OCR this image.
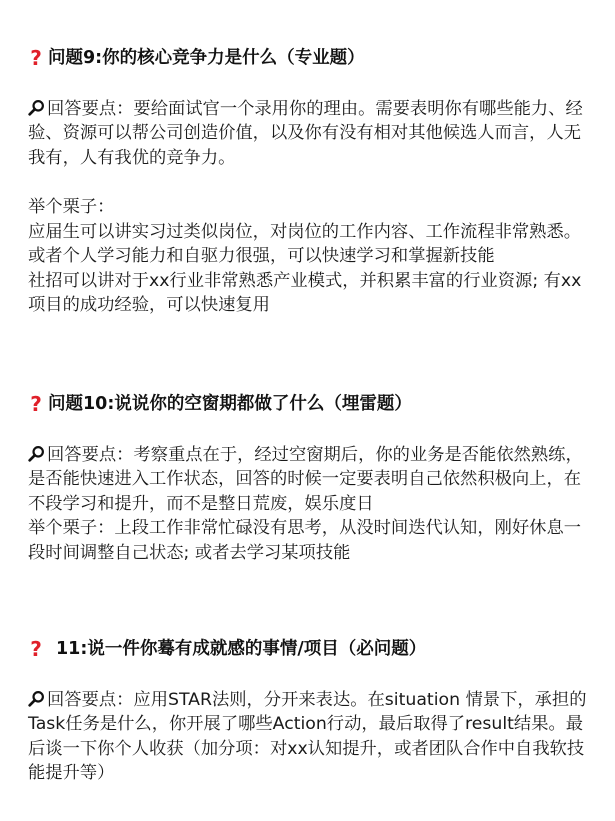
? 问题9:你的核心竞争力是什么（专业题）

回答要点：要给面试官一个录用你的理由。需要表明你有哪些能力、经验、资源可以帮公司创造价值，以及你有没有相对其他候选人而言，人无我有，人有我优的竞争力。

举个栗子：

应届生可以讲实习过类似岗位，对岗位的工作内容、工作流程非常熟悉。或者个人学习能力和自驱力很强，可以快速学习和掌握新技能

社招可以讲对于xx行业非常熟悉产业模式，并积累丰富的行业资源; 有xx项目的成功经验，可以快速复用

? 问题10:说说你的空窗期都做了什么（埋雷题）

回答要点：考察重点在于，经过空窗期后，你的业务是否能依然熟练，是否能快速进入工作状态，回答的时候一定要表明自己依然积极向上，在不段学习和提升，而不是整日荒废，娱乐度日

举个栗子：上段工作非常忙碌没有思考，从没时间迭代认知，刚好休息一段时间调整自己状态; 或者去学习某项技能

? 11:说一件你蓦有成就感的事情/项目（必问题）

回答要点：应用STAR法则，分开来表达。在situation 情景下，承担的Task任务是什么，你开展了哪些Action行动，最后取得了result结果。最后谈一下你个人收获（加分项：对xx认知提升，或者团队合作中自我软技能提升等）
